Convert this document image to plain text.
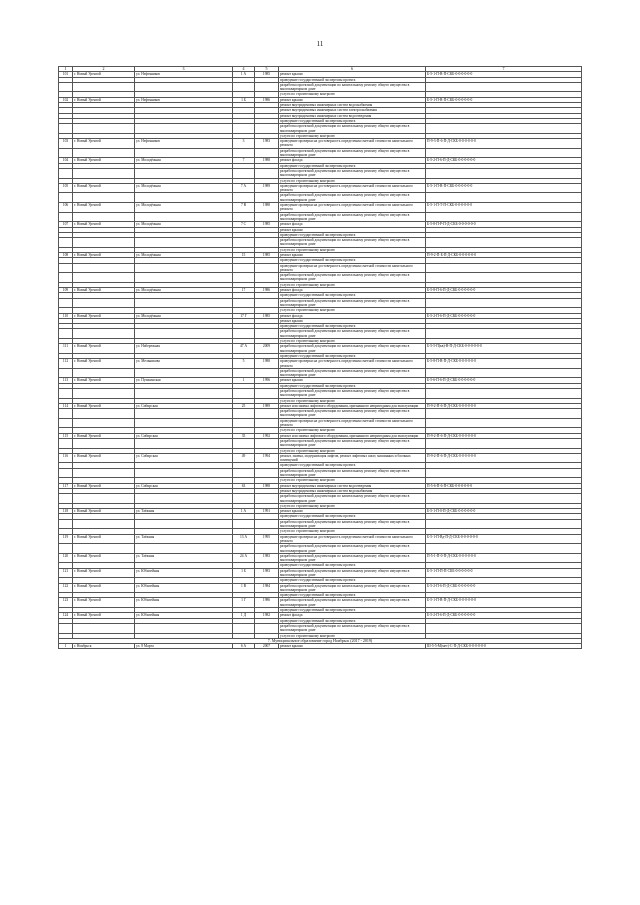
11
1	2	3	4	5	6	7
101	г. Новый Уренгой	ул. Нефтяников	1 А	1985	ремонт крыши	Б-5-1-П-В-П-СКБ-0-0-0-0-0-0
					проведение государственной экспертизы проекта	
					разработка проектной документации по капитальному ремонту общего имущества в многоквартирном доме	
					услуги по строительному контролю	
102	г. Новый Уренгой	ул. Нефтяников	1 Б	1986	ремонт крыши	Б-5-1-П-В-П-СКБ-0-0-0-0-0-0
					ремонт внутридомовых инженерных систем водоснабжения	
					ремонт внутридомовых инженерных систем электроснабжения	
					ремонт внутридомовых инженерных систем водоотведения	
					проведение государственной экспертизы проекта	
					разработка проектной документации по капитальному ремонту общего имущества в многоквартирном доме	
					услуги по строительному контролю	
103	г. Новый Уренгой	ул. Нефтяников	3	1983	проведение проверки на достоверность определения сметной стоимости капитального ремонта	П-9-3-П-6-П-Д-СКБ-0-0-0-0-0-0
					разработка проектной документации по капитальному ремонту общего имущества в многоквартирном доме	
104	г. Новый Уренгой	ул. Молодёжная	7	1988	ремонт фасада	Б-5-2-П-6-П-Д-СКБ-0-0-0-0-0-0
					проведение государственной экспертизы проекта	
					разработка проектной документации по капитальному ремонту общего имущества в многоквартирном доме	
					услуги по строительному контролю	
105	г. Новый Уренгой	ул. Молодёжная	7 А	1989	проведение проверки на достоверность определения сметной стоимости капитального ремонта	Б-5-1-П-В-П-СКБ-0-0-0-0-0-0
					разработка проектной документации по капитальному ремонту общего имущества в многоквартирном доме	
106	г. Новый Уренгой	ул. Молодёжная	7 В	1988	проведение проверки на достоверность определения сметной стоимости капитального ремонта	Б-5-1-П-Т-П-СКБ-0-0-0-0-0-0
					разработка проектной документации по капитальному ремонту общего имущества в многоквартирном доме	
107	г. Новый Уренгой	ул. Молодёжная	7 С	1985	ремонт фасада	Б-5-8-П-Р-П-Д-СКБ-0-0-0-0-0-0
					ремонт крыши	
					проведение государственной экспертизы проекта	
					разработка проектной документации по капитальному ремонту общего имущества в многоквартирном доме	
					услуги по строительному контролю	
108	г. Новый Уренгой	ул. Молодёжная	15	1985	ремонт крыши	П-9-2-П-Б-П-Д-СКБ-0-0-0-0-0-0
					проведение государственной экспертизы проекта	
					проведение проверки на достоверность определения сметной стоимости капитального ремонта	
					разработка проектной документации по капитальному ремонту общего имущества в многоквартирном доме	
					услуги по строительному контролю	
109	г. Новый Уренгой	ул. Молодёжная	17	1986	ремонт фасада	Б-5-8-П-6-П-Д-СКБ-0-0-0-0-0-0
					проведение государственной экспертизы проекта	
					разработка проектной документации по капитальному ремонту общего имущества в многоквартирном доме	
					услуги по строительному контролю	
110	г. Новый Уренгой	ул. Молодёжная	17 Г	1985	ремонт фасада	Б-5-2-П-6-П-Д-СКБ-0-0-0-0-0-0
					ремонт крыши	
					проведение государственной экспертизы проекта	
					разработка проектной документации по капитальному ремонту общего имущества в многоквартирном доме	
					услуги по строительному контролю	
111	г. Новый Уренгой	ул. Набережная	47 А	2009	разработка проектной документации по капитальному ремонту общего имущества в многоквартирном доме	Б-5-5-П(кв)-В-П-Д-СКБ-0-0-0-0-0-0
					проведение государственной экспертизы проекта	
112	г. Новый Уренгой	ул. Мельникова	5	1988	проведение проверки на достоверность определения сметной стоимости капитального ремонта	Б-5-8-П-В-П-Д-СКБ-0-0-0-0-0-0
					разработка проектной документации по капитальному ремонту общего имущества в многоквартирном доме	
113	г. Новый Уренгой	ул. Пушкинская	1	1996	ремонт крыши	Б-5-6-П-6-П-Д-СКБ-0-0-0-0-0-0
					проведение государственной экспертизы проекта	
					разработка проектной документации по капитальному ремонту общего имущества в многоквартирном доме	
					услуги по строительному контролю	
114	г. Новый Уренгой	ул. Сибирская	25	1989	ремонт или замена лифтового оборудования, признанного непригодным для эксплуатации	П-9-2-П-6-П-Д-СКБ-0-0-0-0-0-0
					разработка проектной документации по капитальному ремонту общего имущества в многоквартирном доме	
					проведение проверки на достоверность определения сметной стоимости капитального ремонта	
					услуги по строительному контролю	
115	г. Новый Уренгой	ул. Сибирская	35	1992	ремонт или замена лифтового оборудования, признанного непригодным для эксплуатации	П-9-2-П-6-П-Д-СКБ-0-0-0-0-0-0
					разработка проектной документации по капитальному ремонту общего имущества в многоквартирном доме	
					услуги по строительному контролю	
116	г. Новый Уренгой	ул. Сибирская	49	1994	ремонт, замена, модернизация лифтов, ремонт лифтовых шахт, машинных и блочных помещений	П-9-2-П-6-П-Д-СКБ-0-0-0-0-0-0
					проведение государственной экспертизы проекта	
					разработка проектной документации по капитальному ремонту общего имущества в многоквартирном доме	
					услуги по строительному контролю	
117	г. Новый Уренгой	ул. Сибирская	63	1988	ремонт внутридомовых инженерных систем водоотведения	П-5-6-П-6-П-СКБ-0-0-0-0-0-0
					ремонт внутридомовых инженерных систем водоснабжения	
					разработка проектной документации по капитальному ремонту общего имущества в многоквартирном доме	
					услуги по строительному контролю	
118	г. Новый Уренгой	ул. Таёжная	1 А	1991	ремонт крыши	Б-5-1-П-0-П-Д-СКБ-0-0-0-0-0-0
					проведение государственной экспертизы проекта	
					разработка проектной документации по капитальному ремонту общего имущества в многоквартирном доме	
					услуги по строительному контролю	
119	г. Новый Уренгой	ул. Таёжная	13 А	1995	проведение проверки на достоверность определения сметной стоимости капитального ремонта	Б-5-1-П-Вд-П-Д-СКБ-0-0-0-0-0-0
					разработка проектной документации по капитальному ремонту общего имущества в многоквартирном доме	
120	г. Новый Уренгой	ул. Таёжная	24 А	1983	разработка проектной документации по капитальному ремонту общего имущества в многоквартирном доме	П-5-1-П-0-П-Д-СКБ-0-0-0-0-0-0
					проведение государственной экспертизы проекта	
121	г. Новый Уренгой	ул. Юбилейная	1 Б	1983	разработка проектной документации по капитальному ремонту общего имущества в многоквартирном доме	Б-5-1-П-П-П-СКБ-0-0-0-0-0-0
					проведение государственной экспертизы проекта	
122	г. Новый Уренгой	ул. Юбилейная	1 В	1984	разработка проектной документации по капитальному ремонту общего имущества в многоквартирном доме	Б-5-2-П-6-П-Д-СКБ-0-0-0-0-0-0
					проведение государственной экспертизы проекта	
123	г. Новый Уренгой	ул. Юбилейная	1 Г	1986	разработка проектной документации по капитальному ремонту общего имущества в многоквартирном доме	Б-5-1-П-В-П-Д-СКБ-0-0-0-0-0-0
					проведение государственной экспертизы проекта	
124	г. Новый Уренгой	ул. Юбилейная	1 Д	1982	ремонт фасада	Б-5-2-П-6-П-Д-СКБ-0-0-0-0-0-0
					проведение государственной экспертизы проекта	
					разработка проектной документации по капитальному ремонту общего имущества в многоквартирном доме	
					услуги по строительному контролю	
7. Муниципальное образование город Ноябрьск (2017 - 2019)						
1	г. Ноябрьск	ул. 8 Марта	6 А	2007	ремонт крыши	Ш-5-5-М(мет)-С-П-Д-СКБ-0-0-0-0-0-0
